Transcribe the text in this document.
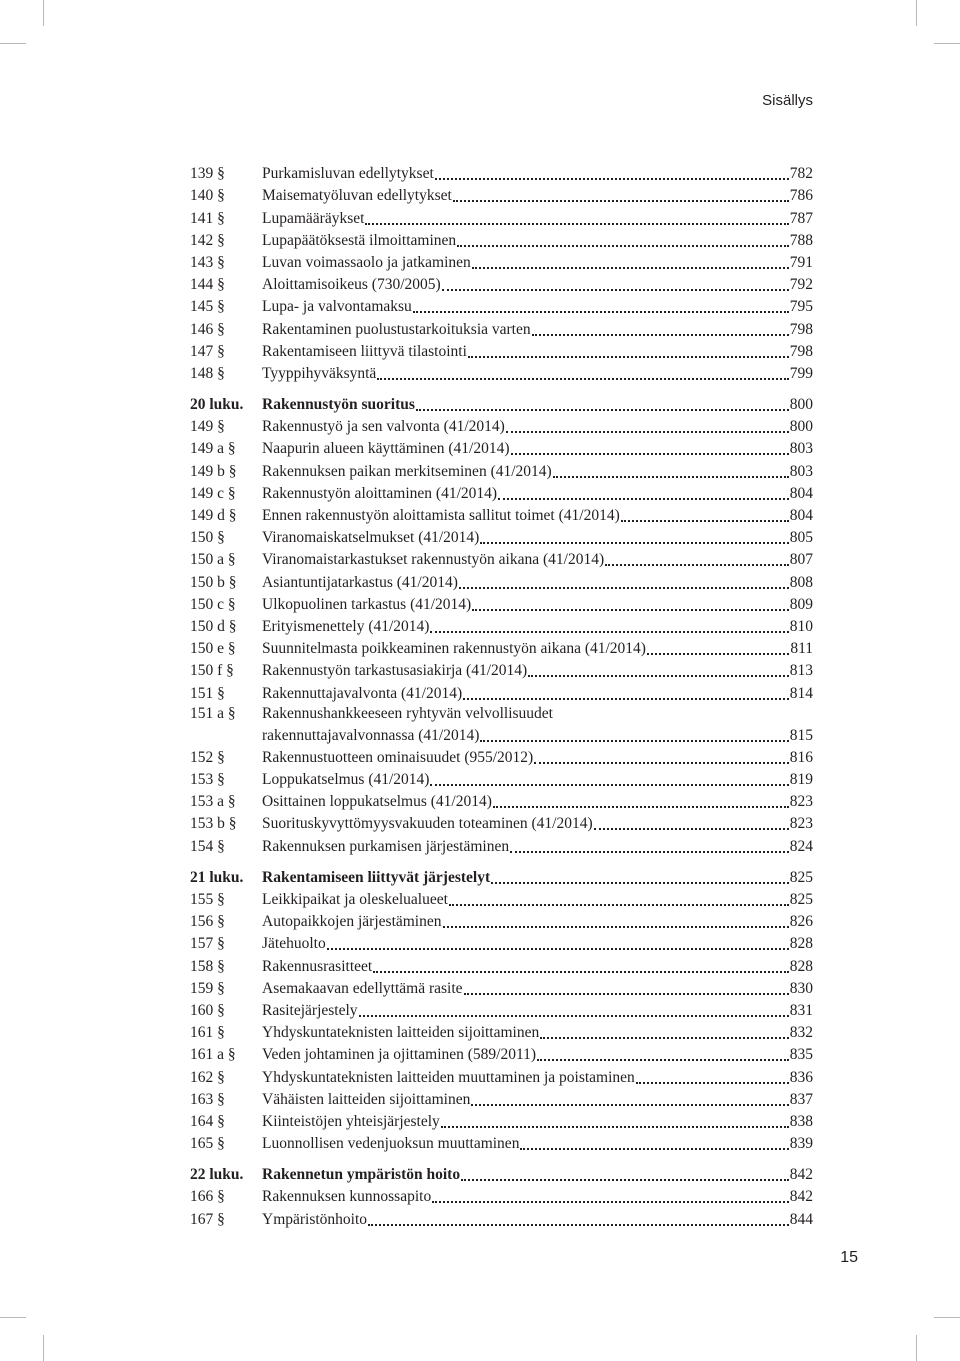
Sisällys
139 §	Purkamisluvan edellytykset	782
140 §	Maisematyöluvan edellytykset	786
141 §	Lupamääräykset	787
142 §	Lupapäätöksestä ilmoittaminen	788
143 §	Luvan voimassaolo ja jatkaminen	791
144 §	Aloittamisoikeus (730/2005)	792
145 §	Lupa- ja valvontamaksu	795
146 §	Rakentaminen puolustustarkoituksia varten	798
147 §	Rakentamiseen liittyvä tilastointi	798
148 §	Tyyppihyväksyntä	799
20 luku.	Rakennustyön suoritus	800
149 §	Rakennustyö ja sen valvonta (41/2014)	800
149 a §	Naapurin alueen käyttäminen (41/2014)	803
149 b §	Rakennuksen paikan merkitseminen (41/2014)	803
149 c §	Rakennustyön aloittaminen (41/2014)	804
149 d §	Ennen rakennustyön aloittamista sallitut toimet (41/2014)	804
150 §	Viranomaiskatselmukset (41/2014)	805
150 a §	Viranomaistarkastukset rakennustyön aikana (41/2014)	807
150 b §	Asiantuntijatarkastus (41/2014)	808
150 c §	Ulkopuolinen tarkastus (41/2014)	809
150 d §	Erityismenettely (41/2014)	810
150 e §	Suunnitelmasta poikkeaminen rakennustyön aikana (41/2014)	811
150 f §	Rakennustyön tarkastusasiakirja (41/2014)	813
151 §	Rakennuttajavalvonta (41/2014)	814
151 a §	Rakennushankkeeseen ryhtyvän velvollisuudet
rakennuttajavalvonnassa (41/2014)	815
152 §	Rakennustuotteen ominaisuudet (955/2012)	816
153 §	Loppukatselmus (41/2014)	819
153 a §	Osittainen loppukatselmus (41/2014)	823
153 b §	Suorituskyvyttömyysvakuuden toteaminen (41/2014)	823
154 §	Rakennuksen purkamisen järjestäminen	824
21 luku.	Rakentamiseen liittyvät järjestelyt	825
155 §	Leikkipaikat ja oleskelualueet	825
156 §	Autopaikkojen järjestäminen	826
157 §	Jätehuolto	828
158 §	Rakennusrasitteet	828
159 §	Asemakaavan edellyttämä rasite	830
160 §	Rasitejärjestely	831
161 §	Yhdyskuntateknisten laitteiden sijoittaminen	832
161 a §	Veden johtaminen ja ojittaminen (589/2011)	835
162 §	Yhdyskuntateknisten laitteiden muuttaminen ja poistaminen	836
163 §	Vähäisten laitteiden sijoittaminen	837
164 §	Kiinteistöjen yhteisjärjestely	838
165 §	Luonnollisen vedenjuoksun muuttaminen	839
22 luku.	Rakennetun ympäristön hoito	842
166 §	Rakennuksen kunnossapito	842
167 §	Ympäristönhoito	844
15
